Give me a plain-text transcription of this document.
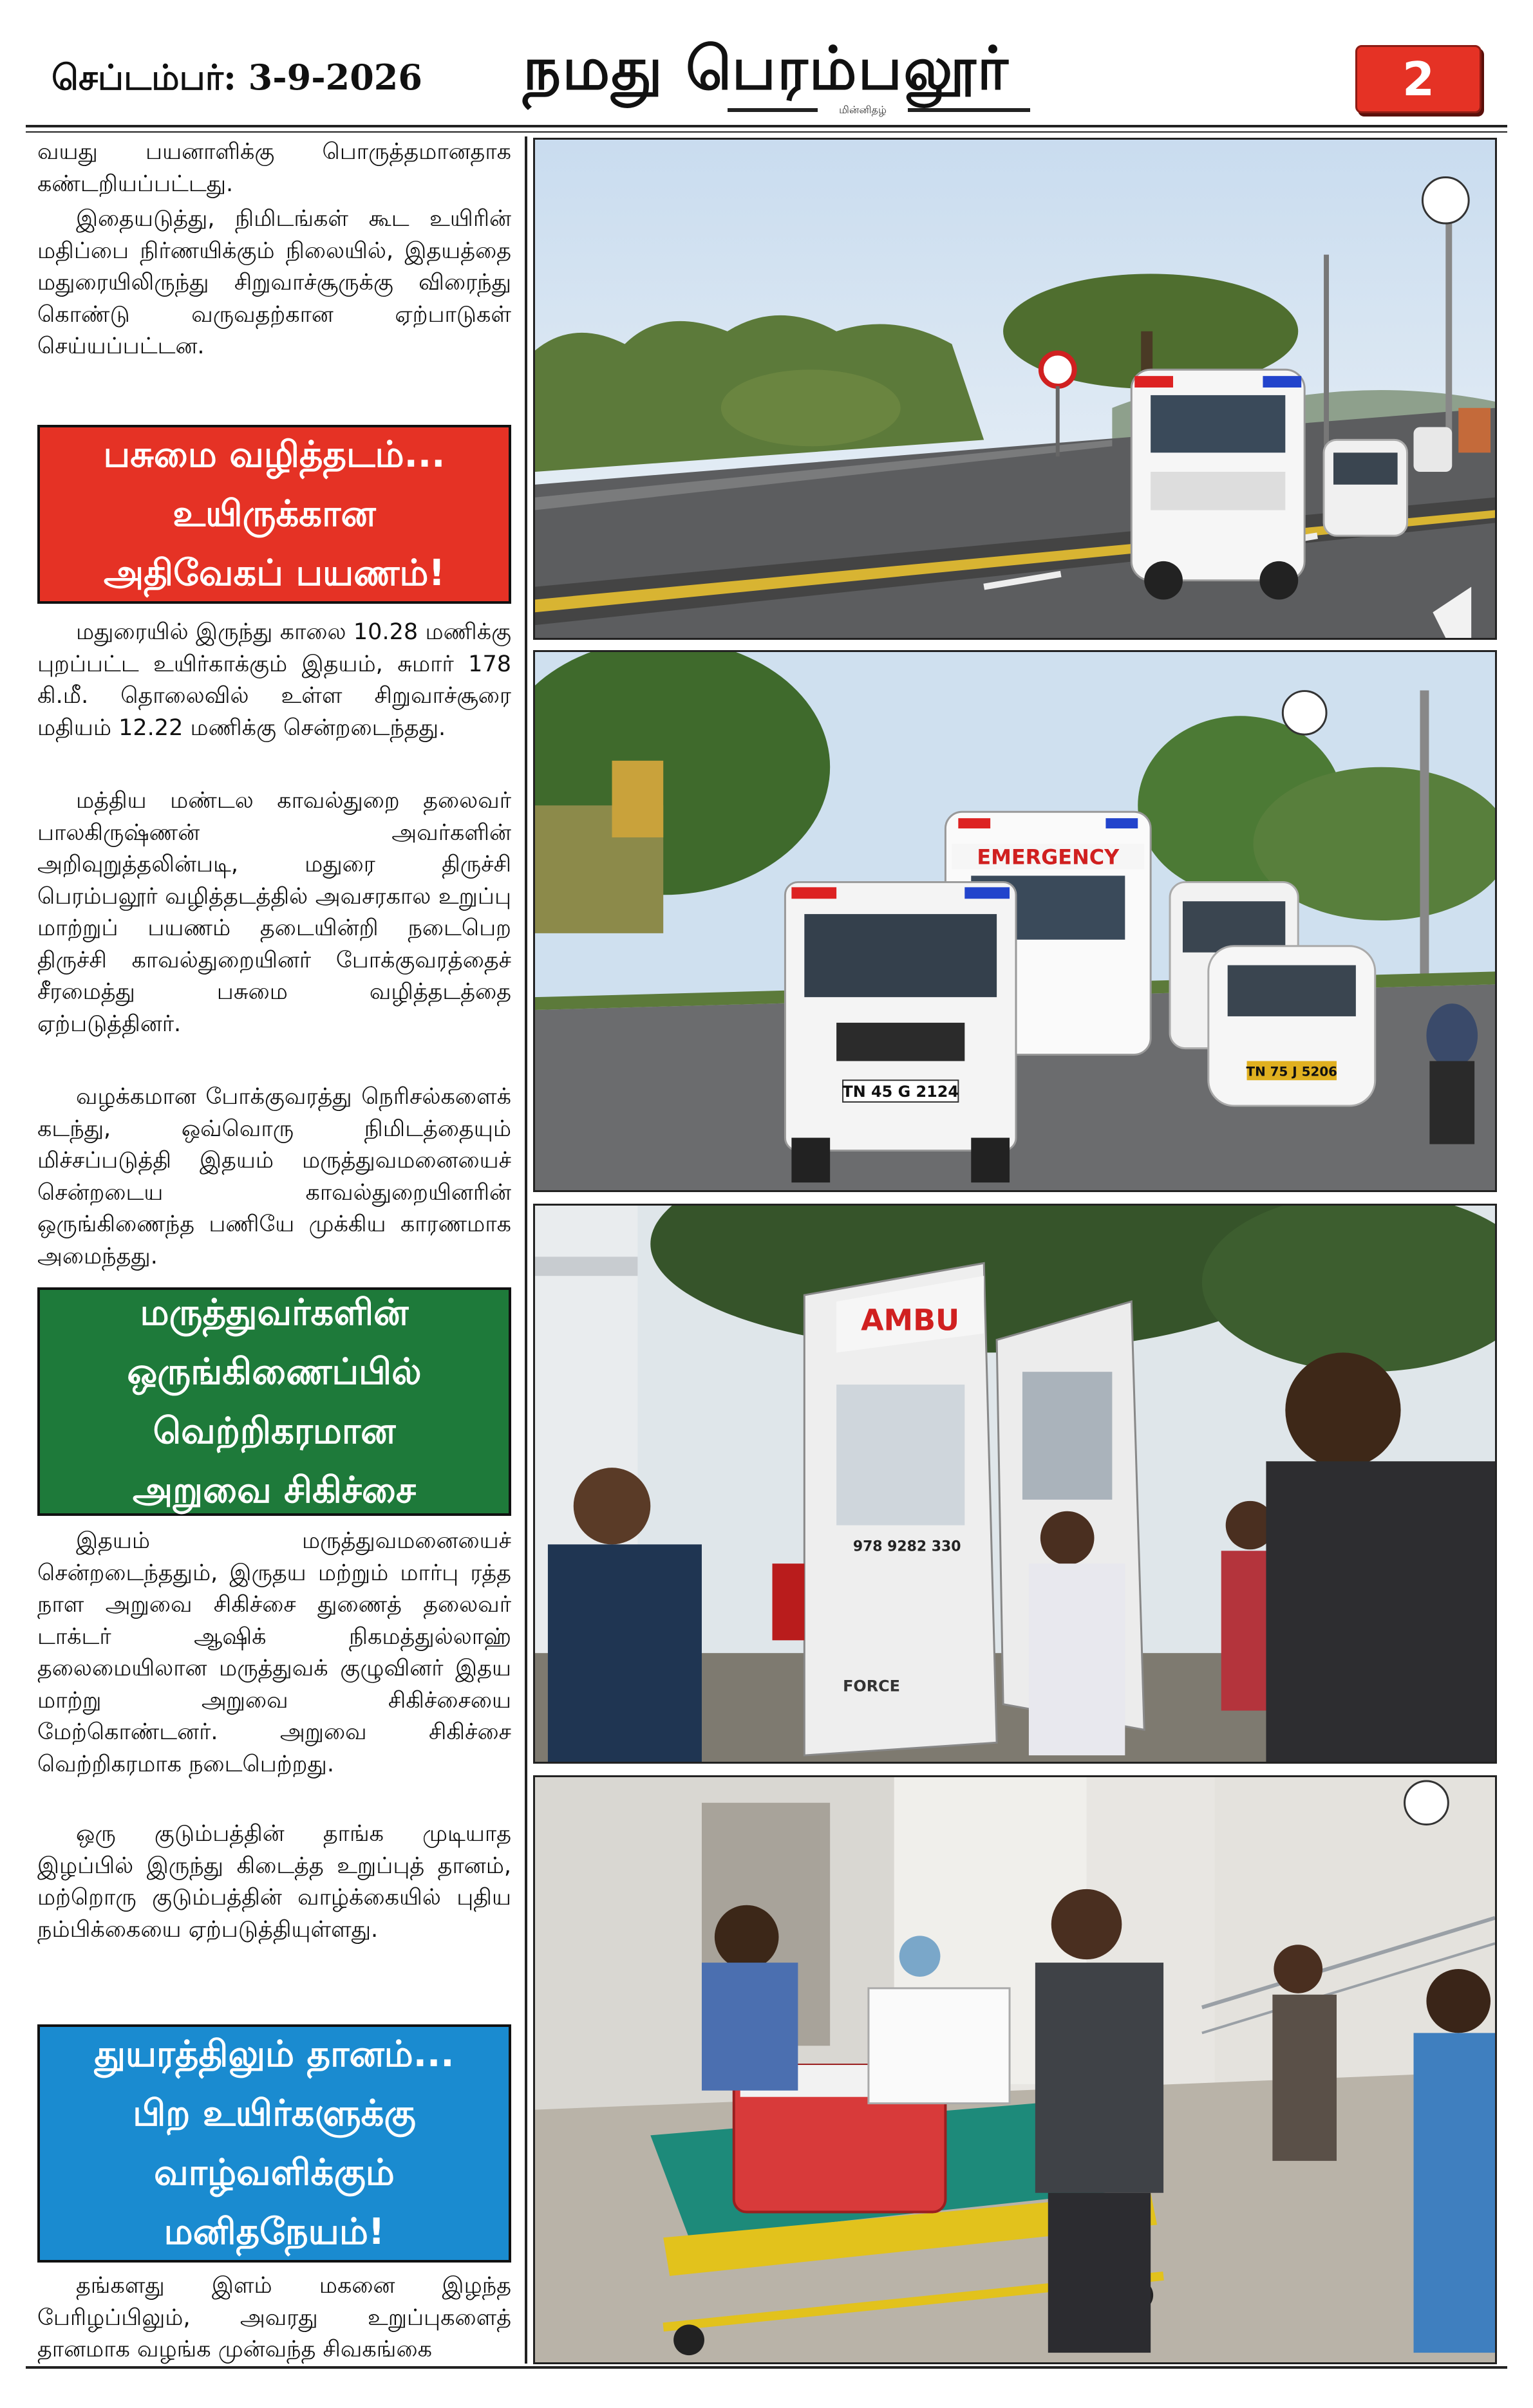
செப்டம்பர்: 3-9-2026	நமது பெரம்பலூர்
மின்னிதழ்
2

வயது பயனாளிக்கு பொருத்தமானதாக கண்டறியப்பட்டது.

இதையடுத்து, நிமிடங்கள் கூட உயிரின் மதிப்பை நிர்ணயிக்கும் நிலையில், இதயத்தை மதுரையிலிருந்து சிறுவாச்சூருக்கு விரைந்து கொண்டு வருவதற்கான ஏற்பாடுகள் செய்யப்பட்டன.

பசுமை வழித்தடம்...
உயிருக்கான
அதிவேகப் பயணம்!

மதுரையில் இருந்து காலை 10.28 மணிக்கு புறப்பட்ட உயிர்காக்கும் இதயம், சுமார் 178 கி.மீ. தொலைவில் உள்ள சிறுவாச்சூரை மதியம் 12.22 மணிக்கு சென்றடைந்தது.

மத்திய மண்டல காவல்துறை தலைவர் பாலகிருஷ்ணன் அவர்களின் அறிவுறுத்தலின்படி, மதுரை திருச்சி பெரம்பலூர் வழித்தடத்தில் அவசரகால உறுப்பு மாற்றுப் பயணம் தடையின்றி நடைபெற திருச்சி காவல்துறையினர் போக்குவரத்தைச் சீரமைத்து பசுமை வழித்தடத்தை ஏற்படுத்தினர்.

வழக்கமான போக்குவரத்து நெரிசல்களைக் கடந்து, ஒவ்வொரு நிமிடத்தையும் மிச்சப்படுத்தி இதயம் மருத்துவமனையைச் சென்றடைய காவல்துறையினரின் ஒருங்கிணைந்த பணியே முக்கிய காரணமாக அமைந்தது.

மருத்துவர்களின்
ஒருங்கிணைப்பில்
வெற்றிகரமான
அறுவை சிகிச்சை

இதயம் மருத்துவமனையைச் சென்றடைந்ததும், இருதய மற்றும் மார்பு ரத்த நாள அறுவை சிகிச்சை துணைத் தலைவர் டாக்டர் ஆஷிக் நிகமத்துல்லாஹ் தலைமையிலான மருத்துவக் குழுவினர் இதய மாற்று அறுவை சிகிச்சையை மேற்கொண்டனர். அறுவை சிகிச்சை வெற்றிகரமாக நடைபெற்றது.

ஒரு குடும்பத்தின் தாங்க முடியாத இழப்பில் இருந்து கிடைத்த உறுப்புத் தானம், மற்றொரு குடும்பத்தின் வாழ்க்கையில் புதிய நம்பிக்கையை ஏற்படுத்தியுள்ளது.

துயரத்திலும் தானம்...
பிற உயிர்களுக்கு
வாழ்வளிக்கும்
மனிதநேயம்!

தங்களது இளம் மகனை இழந்த பேரிழப்பிலும், அவரது உறுப்புகளைத் தானமாக வழங்க முன்வந்த சிவகங்கை

EMERGENCY
TN 45 G 2124
TN 75 J 5206
AMBU
978 9282 330
FORCE
